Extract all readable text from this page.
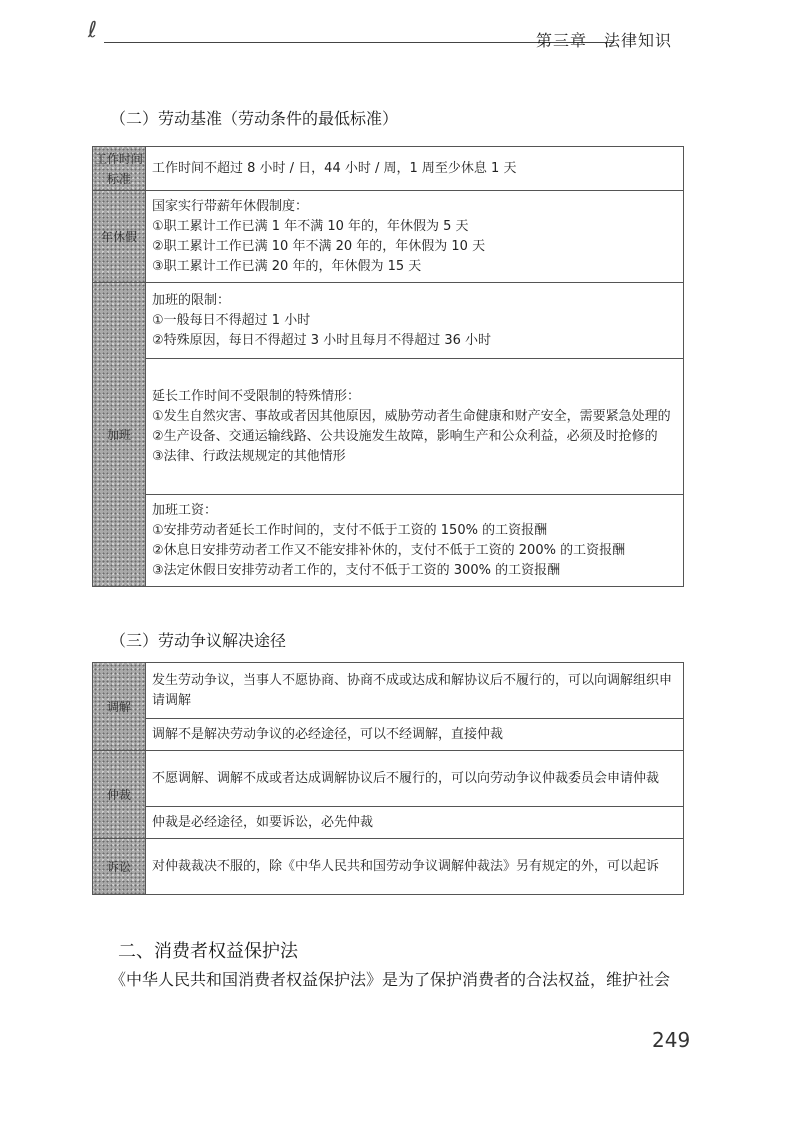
ℓ	第三章　法律知识
（二）劳动基准（劳动条件的最低标准）
工作时间标准	工作时间不超过 8 小时 / 日，44 小时 / 周，1 周至少休息 1 天

年休假	国家实行带薪年休假制度：
①职工累计工作已满 1 年不满 10 年的，年休假为 5 天
②职工累计工作已满 10 年不满 20 年的，年休假为 10 天
③职工累计工作已满 20 年的，年休假为 15 天

加班	加班的限制：
①一般每日不得超过 1 小时
②特殊原因，每日不得超过 3 小时且每月不得超过 36 小时

	延长工作时间不受限制的特殊情形：
①发生自然灾害、事故或者因其他原因，威胁劳动者生命健康和财产安全，需要紧急处理的
②生产设备、交通运输线路、公共设施发生故障，影响生产和公众利益，必须及时抢修的
③法律、行政法规规定的其他情形

	加班工资：
①安排劳动者延长工作时间的，支付不低于工资的 150% 的工资报酬
②休息日安排劳动者工作又不能安排补休的，支付不低于工资的 200% 的工资报酬
③法定休假日安排劳动者工作的，支付不低于工资的 300% 的工资报酬
（三）劳动争议解决途径
调解	发生劳动争议，当事人不愿协商、协商不成或达成和解协议后不履行的，可以向调解组织申请调解

	调解不是解决劳动争议的必经途径，可以不经调解，直接仲裁

仲裁	不愿调解、调解不成或者达成调解协议后不履行的，可以向劳动争议仲裁委员会申请仲裁

	仲裁是必经途径，如要诉讼，必先仲裁

诉讼	对仲裁裁决不服的，除《中华人民共和国劳动争议调解仲裁法》另有规定的外，可以起诉
二、消费者权益保护法
《中华人民共和国消费者权益保护法》是为了保护消费者的合法权益，维护社会
249
